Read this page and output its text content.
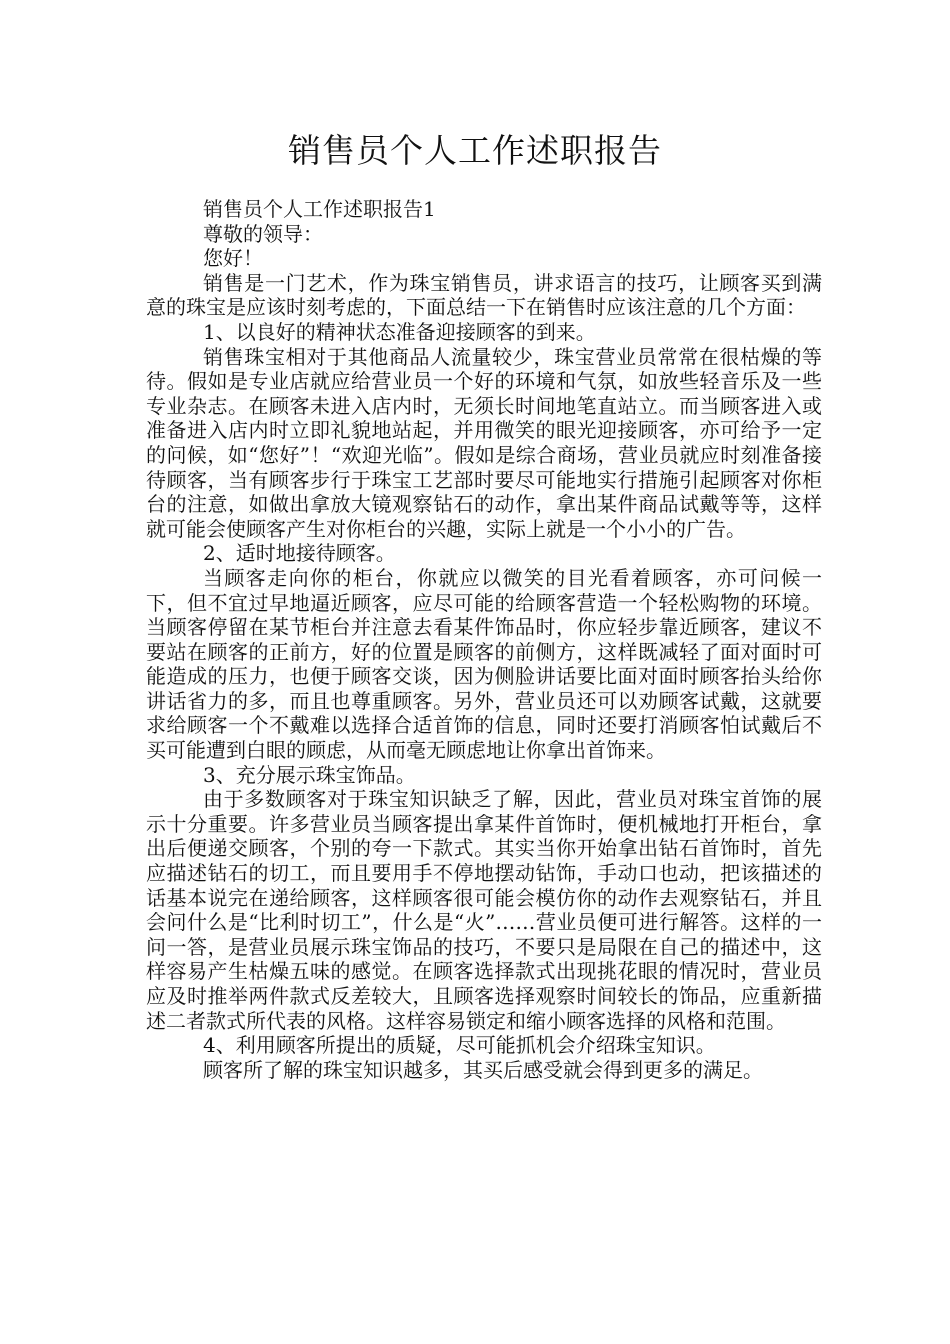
销售员个人工作述职报告

销售员个人工作述职报告1

尊敬的领导：

您好！

销售是一门艺术，作为珠宝销售员，讲求语言的技巧，让顾客买到满意的珠宝是应该时刻考虑的，下面总结一下在销售时应该注意的几个方面：

1、以良好的精神状态准备迎接顾客的到来。

销售珠宝相对于其他商品人流量较少，珠宝营业员常常在很枯燥的等待。假如是专业店就应给营业员一个好的环境和气氛，如放些轻音乐及一些专业杂志。在顾客未进入店内时，无须长时间地笔直站立。而当顾客进入或准备进入店内时立即礼貌地站起，并用微笑的眼光迎接顾客，亦可给予一定的问候，如“您好”！“欢迎光临”。假如是综合商场，营业员就应时刻准备接待顾客，当有顾客步行于珠宝工艺部时要尽可能地实行措施引起顾客对你柜台的注意，如做出拿放大镜观察钻石的动作，拿出某件商品试戴等等，这样就可能会使顾客产生对你柜台的兴趣，实际上就是一个小小的广告。

2、适时地接待顾客。

当顾客走向你的柜台，你就应以微笑的目光看着顾客，亦可问候一下，但不宜过早地逼近顾客，应尽可能的给顾客营造一个轻松购物的环境。当顾客停留在某节柜台并注意去看某件饰品时，你应轻步靠近顾客，建议不要站在顾客的正前方，好的位置是顾客的前侧方，这样既减轻了面对面时可能造成的压力，也便于顾客交谈，因为侧脸讲话要比面对面时顾客抬头给你讲话省力的多，而且也尊重顾客。另外，营业员还可以劝顾客试戴，这就要求给顾客一个不戴难以选择合适首饰的信息，同时还要打消顾客怕试戴后不买可能遭到白眼的顾虑，从而毫无顾虑地让你拿出首饰来。

3、充分展示珠宝饰品。

由于多数顾客对于珠宝知识缺乏了解，因此，营业员对珠宝首饰的展示十分重要。许多营业员当顾客提出拿某件首饰时，便机械地打开柜台，拿出后便递交顾客，个别的夸一下款式。其实当你开始拿出钻石首饰时，首先应描述钻石的切工，而且要用手不停地摆动钻饰，手动口也动，把该描述的话基本说完在递给顾客，这样顾客很可能会模仿你的动作去观察钻石，并且会问什么是“比利时切工”，什么是“火”……营业员便可进行解答。这样的一问一答，是营业员展示珠宝饰品的技巧，不要只是局限在自己的描述中，这样容易产生枯燥五味的感觉。在顾客选择款式出现挑花眼的情况时，营业员应及时推举两件款式反差较大，且顾客选择观察时间较长的饰品，应重新描述二者款式所代表的风格。这样容易锁定和缩小顾客选择的风格和范围。

4、利用顾客所提出的质疑，尽可能抓机会介绍珠宝知识。

顾客所了解的珠宝知识越多，其买后感受就会得到更多的满足。
